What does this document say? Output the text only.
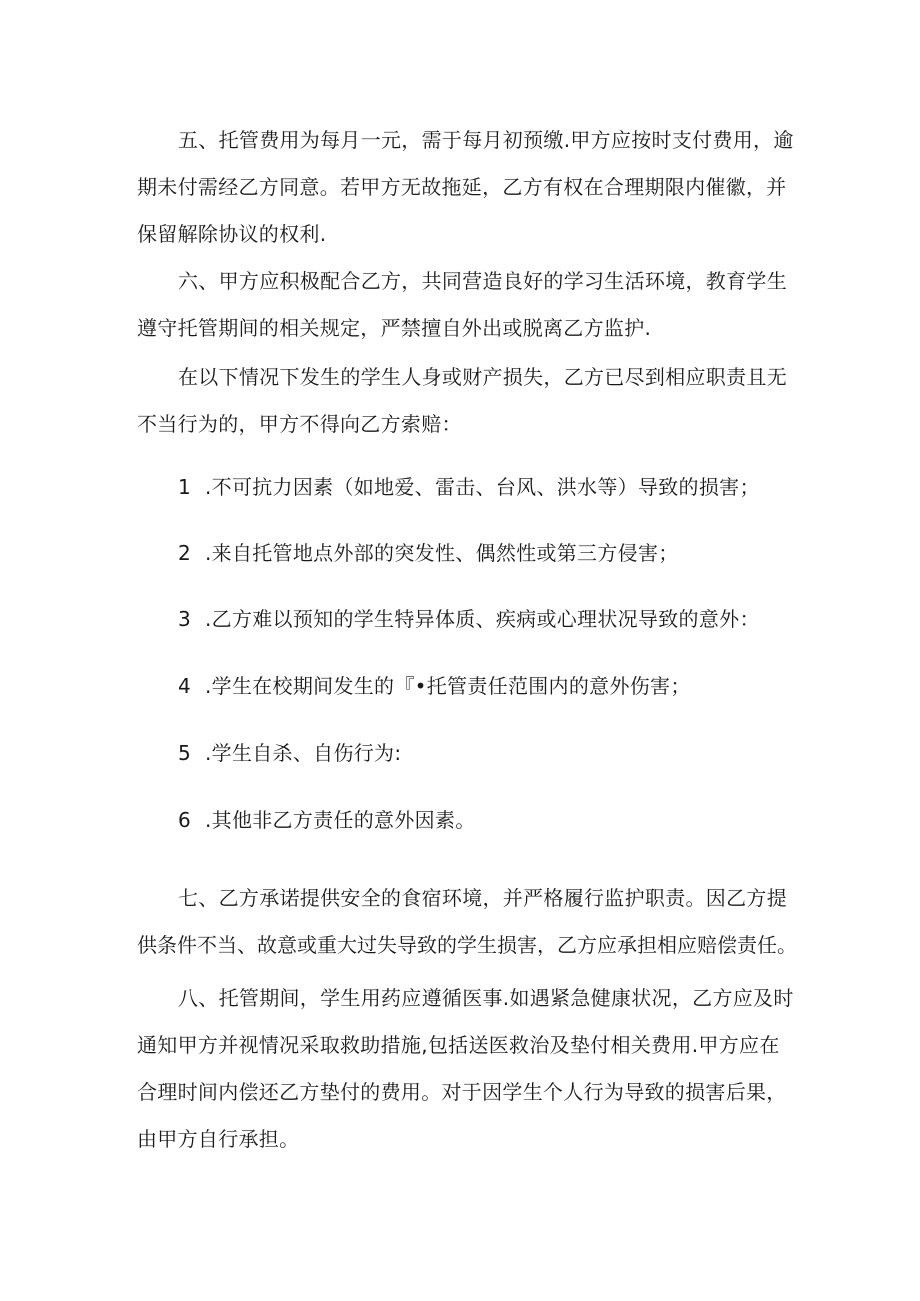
五、托管费用为每月一元，需于每月初预缴.甲方应按时支付费用，逾

期未付需经乙方同意。若甲方无故拖延，乙方有权在合理期限内催徽，并

保留解除协议的权利.

六、甲方应积极配合乙方，共同营造良好的学习生活环境，教育学生

遵守托管期间的相关规定，严禁擅自外出或脱离乙方监护.

在以下情况下发生的学生人身或财产损失，乙方已尽到相应职责且无

不当行为的，甲方不得向乙方索赔：

1 .不可抗力因素（如地爱、雷击、台风、洪水等）导致的损害；
2 .来自托管地点外部的突发性、偶然性或第三方侵害；
3 .乙方难以预知的学生特异体质、疾病或心理状况导致的意外：
4 .学生在校期间发生的『•托管责任范围内的意外伤害；
5 .学生自杀、自伤行为:
6 .其他非乙方责任的意外因素。

七、乙方承诺提供安全的食宿环境，并严格履行监护职责。因乙方提

供条件不当、故意或重大过失导致的学生损害，乙方应承担相应赔偿责任。

八、托管期间，学生用药应遵循医事.如遇紧急健康状况，乙方应及时

通知甲方并视情况采取救助措施,包括送医救治及垫付相关费用.甲方应在

合理时间内偿还乙方垫付的费用。对于因学生个人行为导致的损害后果，

由甲方自行承担。
